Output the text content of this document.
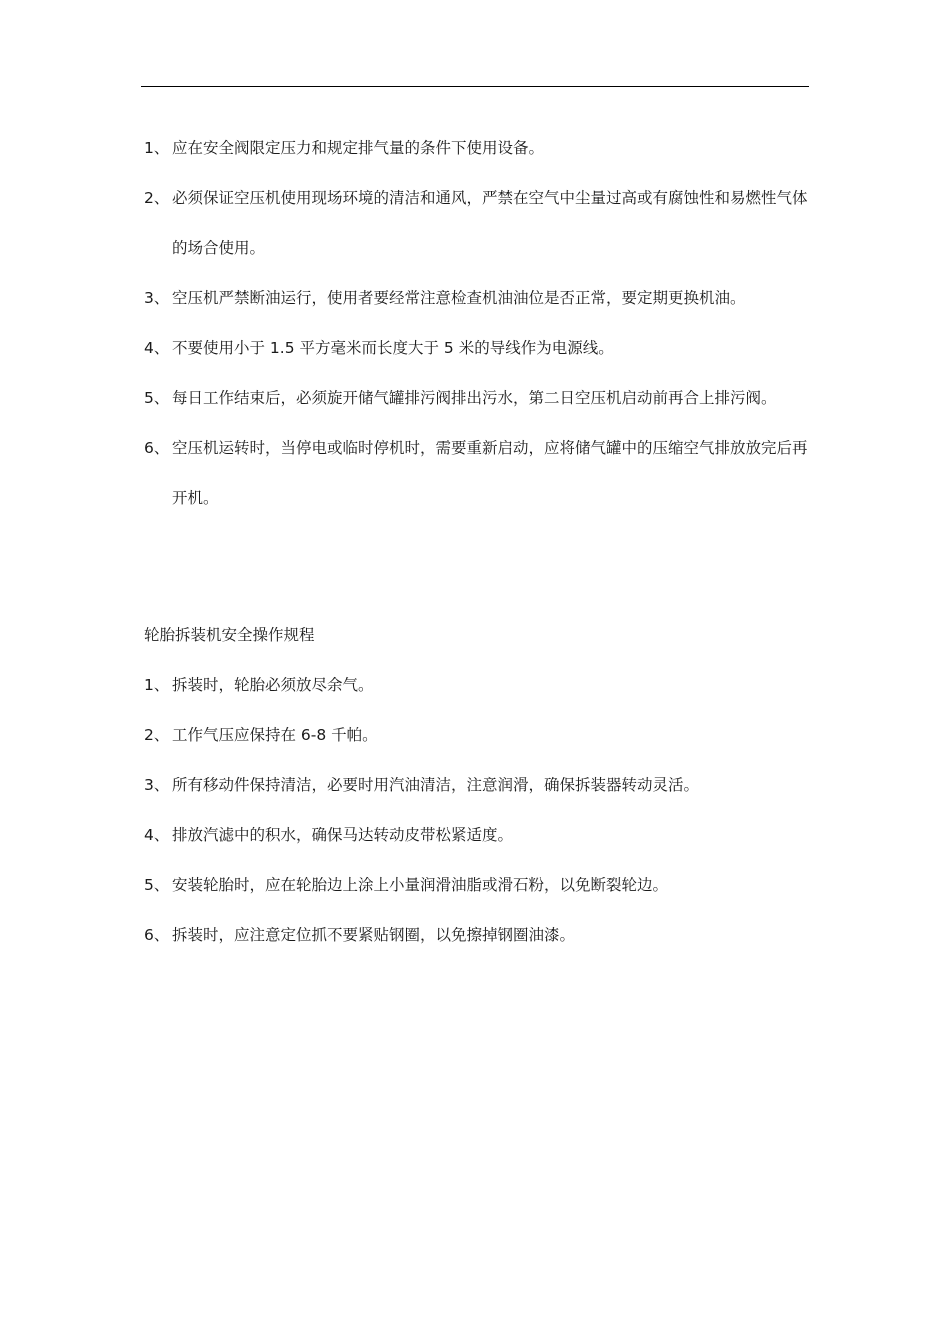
1、 应在安全阀限定压力和规定排气量的条件下使用设备。
2、 必须保证空压机使用现场环境的清洁和通风，严禁在空气中尘量过高或有腐蚀性和易燃性气体的场合使用。
3、 空压机严禁断油运行，使用者要经常注意检查机油油位是否正常，要定期更换机油。
4、 不要使用小于 1.5 平方毫米而长度大于 5 米的导线作为电源线。
5、 每日工作结束后，必须旋开储气罐排污阀排出污水，第二日空压机启动前再合上排污阀。
6、 空压机运转时，当停电或临时停机时，需要重新启动，应将储气罐中的压缩空气排放放完后再开机。
轮胎拆装机安全操作规程
1、 拆装时，轮胎必须放尽余气。
2、 工作气压应保持在 6-8 千帕。
3、 所有移动件保持清洁，必要时用汽油清洁，注意润滑，确保拆装器转动灵活。
4、 排放汽滤中的积水，确保马达转动皮带松紧适度。
5、 安装轮胎时，应在轮胎边上涂上小量润滑油脂或滑石粉，以免断裂轮边。
6、 拆装时，应注意定位抓不要紧贴钢圈，以免擦掉钢圈油漆。
